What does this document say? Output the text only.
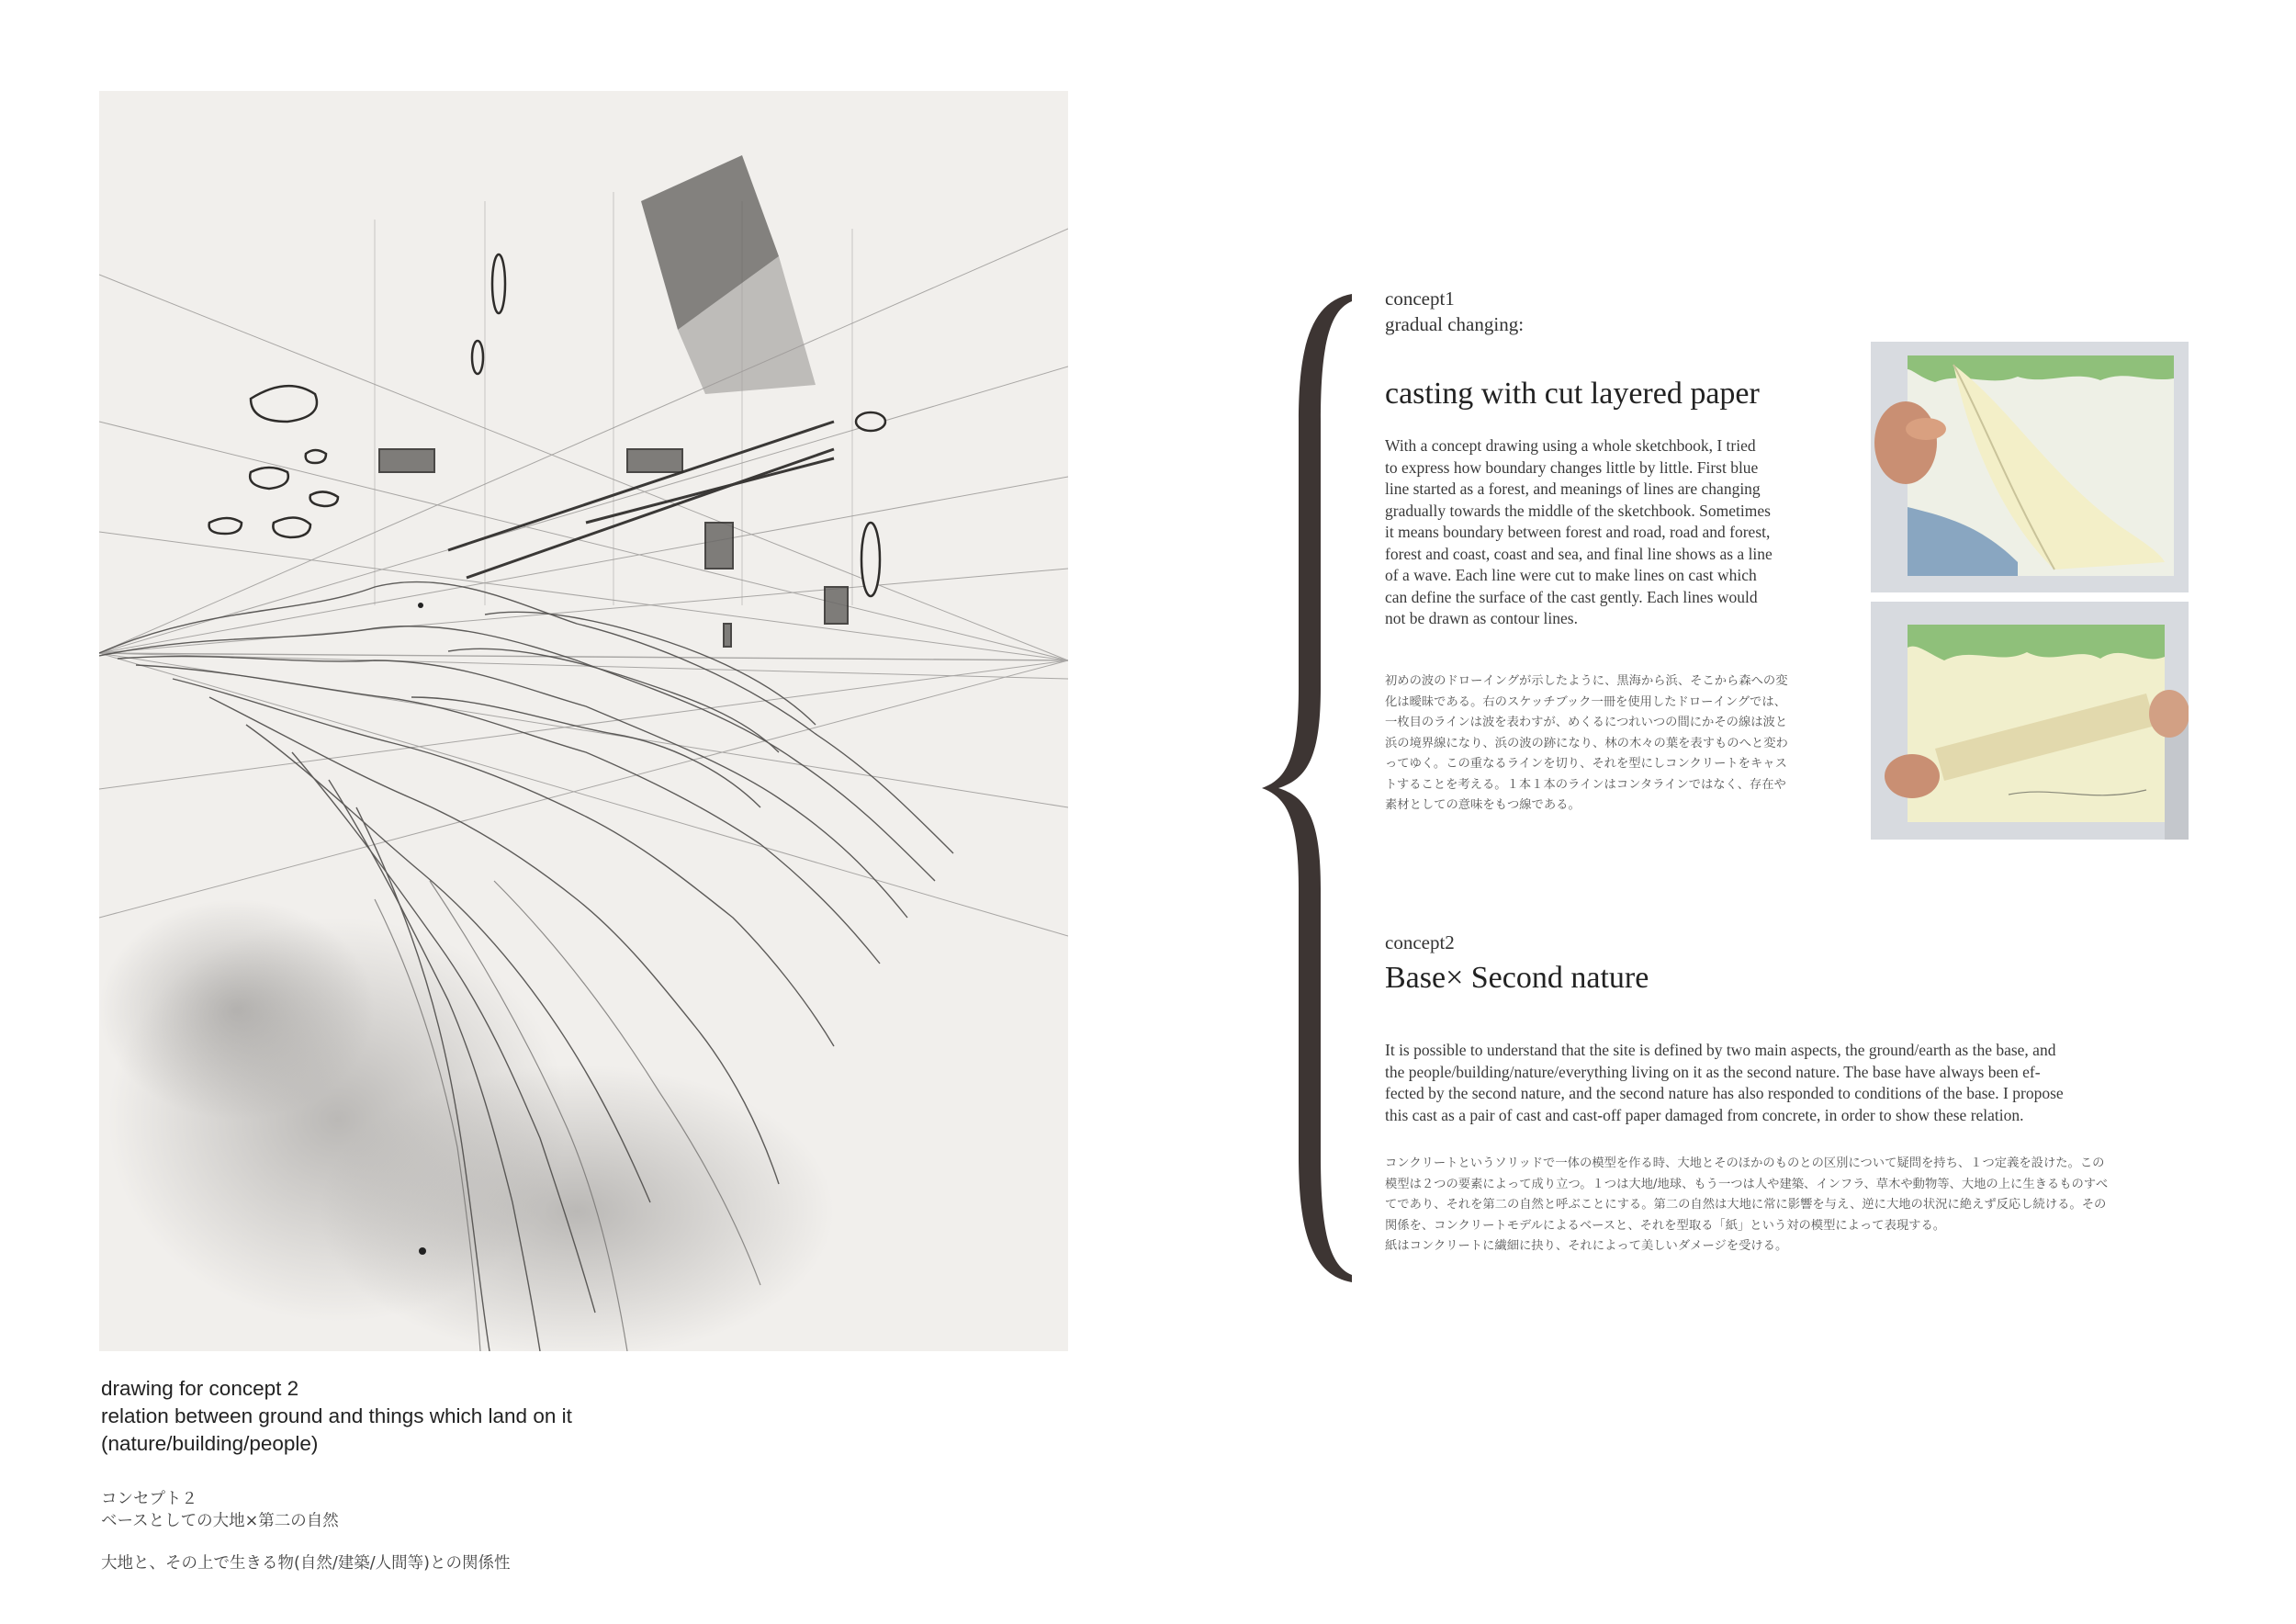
drawing for concept 2
relation between ground and things which land on it
(nature/building/people)
コンセプト２
ベースとしての大地×第二の自然
大地と、その上で生きる物(自然/建築/人間等)との関係性
concept1
gradual changing:
casting with cut layered paper
With a concept drawing using a whole sketchbook, I tried
to express how boundary changes little by little. First blue
line started as a forest, and meanings of lines are changing
gradually towards the middle of the sketchbook. Sometimes
it means boundary between forest and road, road and forest,
forest and coast, coast and sea, and final line shows as a line
of a wave. Each line were cut to make lines on cast which
can define the surface of the cast gently. Each lines would
not be drawn as contour lines.
初めの波のドローイングが示したように、黒海から浜、そこから森への変
化は曖昧である。右のスケッチブック一冊を使用したドローイングでは、
一枚目のラインは波を表わすが、めくるにつれいつの間にかその線は波と
浜の境界線になり、浜の波の跡になり、林の木々の葉を表すものへと変わ
ってゆく。この重なるラインを切り、それを型にしコンクリートをキャス
トすることを考える。１本１本のラインはコンタラインではなく、存在や
素材としての意味をもつ線である。
concept2
Base× Second nature
It is possible to understand that the site is defined by two main aspects, the ground/earth as the base, and
the people/building/nature/everything living on it as the second nature. The base have always been ef-
fected by the second nature, and the second nature has also responded to conditions of the base. I propose
this cast as a pair of cast and cast-off paper damaged from concrete, in order to show these relation.
コンクリートというソリッドで一体の模型を作る時、大地とそのほかのものとの区別について疑問を持ち、１つ定義を設けた。この
模型は２つの要素によって成り立つ。１つは大地/地球、もう一つは人や建築、インフラ、草木や動物等、大地の上に生きるものすべ
てであり、それを第二の自然と呼ぶことにする。第二の自然は大地に常に影響を与え、逆に大地の状況に絶えず反応し続ける。その
関係を、コンクリートモデルによるベースと、それを型取る「紙」という対の模型によって表現する。
紙はコンクリートに繊細に抉り、それによって美しいダメージを受ける。
